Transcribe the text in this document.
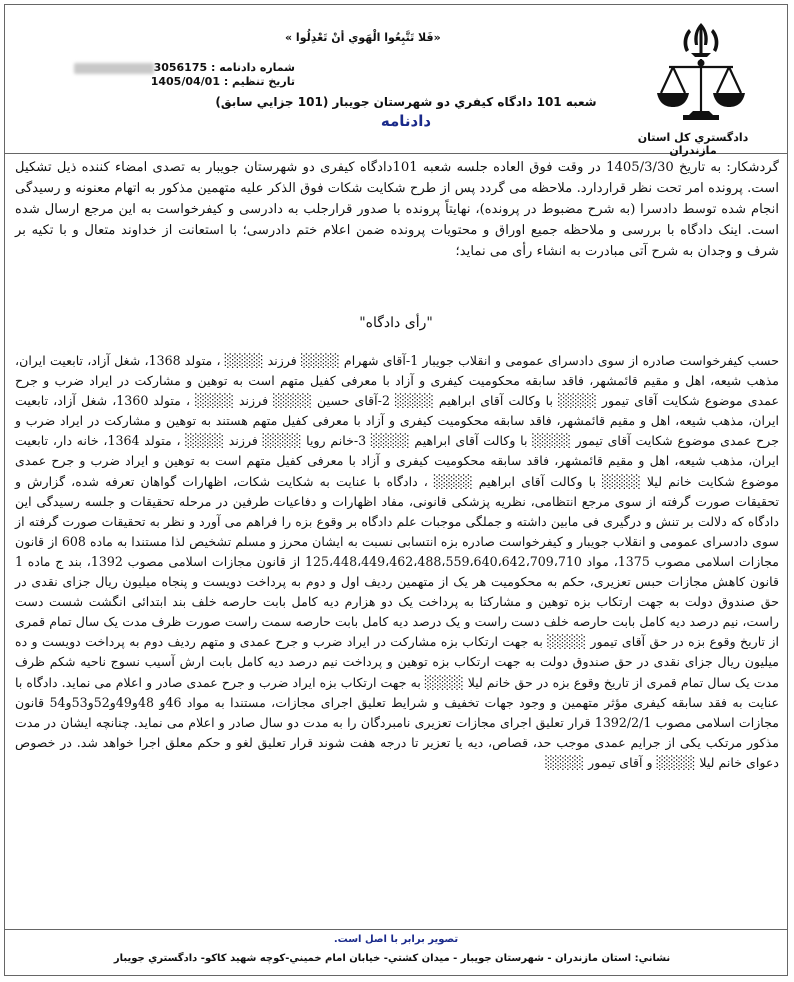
دادگستري کل استان مازندران
«فَلا تَتَّبِعُوا الْهَوي أنْ تَعْدِلُوا »
شماره دادنامه : 3056175
تاريخ تنظيم : 1405/04/01
شعبه 101 دادگاه کيفري دو شهرستان جويبار (101 جزايي سابق)
دادنامه
گردشکار: به تاریخ 1405/3/30 در وقت فوق العاده جلسه شعبه 101دادگاه کیفری دو شهرستان جویبار به تصدی امضاء کننده ذیل تشکیل است. پرونده امر تحت نظر قراردارد. ملاحظه می گردد پس از طرح شکایت شکات فوق الذکر علیه متهمین مذکور به اتهام معنونه و رسیدگی انجام شده توسط دادسرا (به شرح مضبوط در پرونده)، نهایتاً پرونده با صدور قرارجلب به دادرسی و کیفرخواست به این مرجع ارسال شده است. اینک دادگاه با بررسی و ملاحظه جمیع اوراق و محتویات پرونده ضمن اعلام ختم دادرسی؛ با استعانت از خداوند متعال و با تکیه بر شرف و وجدان به شرح آتی مبادرت به انشاء رأی می نماید؛
"رأی دادگاه"
حسب کیفرخواست صادره از سوی دادسرای عمومی و انقلاب جویبار 1-آقای شهرام ░░░░ فرزند ░░░░ ، متولد 1368، شغل آزاد، تابعیت ایران، مذهب شیعه، اهل و مقیم قائمشهر، فاقد سابقه محکومیت کیفری و آزاد با معرفی کفیل متهم است به توهین و مشارکت در ایراد ضرب و جرح عمدی موضوع شکایت آقای تیمور ░░░░ با وکالت آقای ابراهیم ░░░░ 2-آقای حسین ░░░░ فرزند ░░░░ ، متولد 1360، شغل آزاد، تابعیت ایران، مذهب شیعه، اهل و مقیم قائمشهر، فاقد سابقه محکومیت کیفری و آزاد با معرفی کفیل متهم هستند به توهین و مشارکت در ایراد ضرب و جرح عمدی موضوع شکایت آقای تیمور ░░░░ با وکالت آقای ابراهیم ░░░░ 3-خانم رویا ░░░░ فرزند ░░░░ ، متولد 1364، خانه دار، تابعیت ایران، مذهب شیعه، اهل و مقیم قائمشهر، فاقد سابقه محکومیت کیفری و آزاد با معرفی کفیل متهم است به توهین و ایراد ضرب و جرح عمدی موضوع شکایت خانم لیلا ░░░░ با وکالت آقای ابراهیم ░░░░ ، دادگاه با عنایت به شکایت شکات، اظهارات گواهان تعرفه شده، گزارش و تحقیقات صورت گرفته از سوی مرجع انتظامی، نظریه پزشکی قانونی، مفاد اظهارات و دفاعیات طرفین در مرحله تحقیقات و جلسه رسیدگی این دادگاه که دلالت بر تنش و درگیری فی مابین داشته و جملگی موجبات علم دادگاه بر وقوع بزه را فراهم می آورد و نظر به تحقیقات صورت گرفته از سوی دادسرای عمومی و انقلاب جویبار و کیفرخواست صادره بزه انتسابی نسبت به ایشان محرز و مسلم تشخیص لذا مستندا به ماده 608 از قانون مجازات اسلامی مصوب 1375، مواد 125،448،449،462،488،559،640،642،709،710 از قانون مجازات اسلامی مصوب 1392، بند ج ماده 1 قانون کاهش مجازات حبس تعزیری، حکم به محکومیت هر یک از متهمین ردیف اول و دوم به پرداخت دویست و پنجاه میلیون ریال جزای نقدی در حق صندوق دولت به جهت ارتکاب بزه توهین و مشارکتا به پرداخت یک دو هزارم دیه کامل بابت حارصه خلف بند ابتدائی انگشت شست دست راست، نیم درصد دیه کامل بابت حارصه خلف دست راست و یک درصد دیه کامل بابت حارصه سمت راست صورت ظرف مدت یک سال تمام قمری از تاریخ وقوع بزه در حق آقای تیمور ░░░░ به جهت ارتکاب بزه مشارکت در ایراد ضرب و جرح عمدی و متهم ردیف دوم به پرداخت دویست و ده میلیون ریال جزای نقدی در حق صندوق دولت به جهت ارتکاب بزه توهین و پرداخت نیم درصد دیه کامل بابت ارش آسیب نسوج ناحیه شکم ظرف مدت یک سال تمام قمری از تاریخ وقوع بزه در حق خانم لیلا ░░░░ به جهت ارتکاب بزه ایراد ضرب و جرح عمدی صادر و اعلام می نماید. دادگاه با عنایت به فقد سابقه کیفری مؤثر متهمین و وجود جهات تخفیف و شرایط تعلیق اجرای مجازات، مستندا به مواد 46و 48و49و52و53و54 قانون مجازات اسلامی مصوب 1392/2/1 قرار تعلیق اجرای مجازات تعزیری نامبردگان را به مدت دو سال صادر و اعلام می نماید. چنانچه ایشان در مدت مذکور مرتکب یکی از جرایم عمدی موجب حد، قصاص، دیه یا تعزیر تا درجه هفت شوند قرار تعلیق لغو و حکم معلق اجرا خواهد شد. در خصوص دعوای خانم لیلا ░░░░ و آقای تیمور ░░░░
تصوير برابر با اصل است.
نشاني: استان مازندران - شهرستان جويبار - ميدان کشتي- خيابان امام خميني-کوچه شهيد کاکو- دادگستري جويبار
